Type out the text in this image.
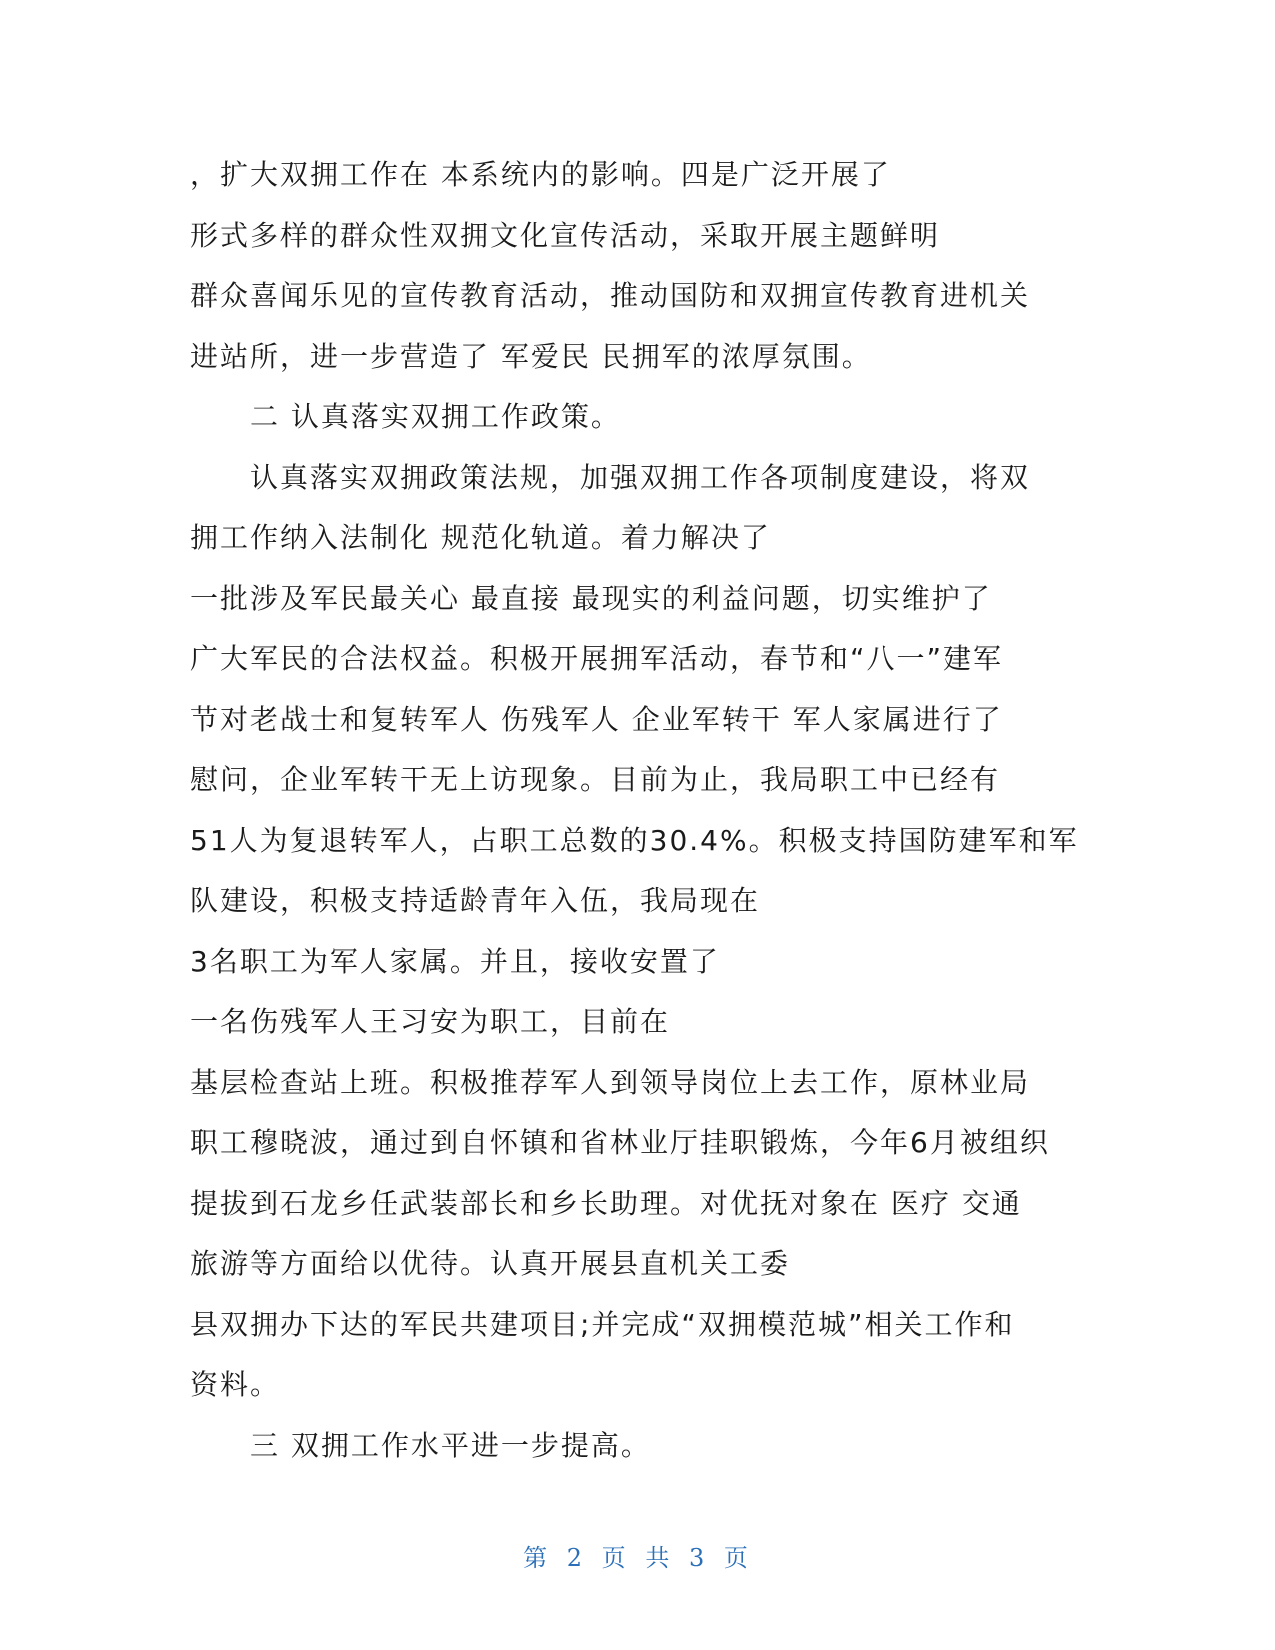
，扩大双拥工作在 本系统内的影响。四是广泛开展了
形式多样的群众性双拥文化宣传活动，采取开展主题鲜明
群众喜闻乐见的宣传教育活动，推动国防和双拥宣传教育进机关
进站所，进一步营造了 军爱民 民拥军的浓厚氛围。
二 认真落实双拥工作政策。
认真落实双拥政策法规，加强双拥工作各项制度建设，将双
拥工作纳入法制化 规范化轨道。着力解决了
一批涉及军民最关心 最直接 最现实的利益问题，切实维护了
广大军民的合法权益。积极开展拥军活动，春节和“八一”建军
节对老战士和复转军人 伤残军人 企业军转干 军人家属进行了
慰问，企业军转干无上访现象。目前为止，我局职工中已经有
51人为复退转军人，占职工总数的30.4%。积极支持国防建军和军
队建设，积极支持适龄青年入伍，我局现在
3名职工为军人家属。并且，接收安置了
一名伤残军人王习安为职工，目前在
基层检查站上班。积极推荐军人到领导岗位上去工作，原林业局
职工穆晓波，通过到自怀镇和省林业厅挂职锻炼，今年6月被组织
提拔到石龙乡任武装部长和乡长助理。对优抚对象在 医疗 交通
旅游等方面给以优待。认真开展县直机关工委
县双拥办下达的军民共建项目;并完成“双拥模范城”相关工作和
资料。
三 双拥工作水平进一步提高。
第 2 页 共 3 页
